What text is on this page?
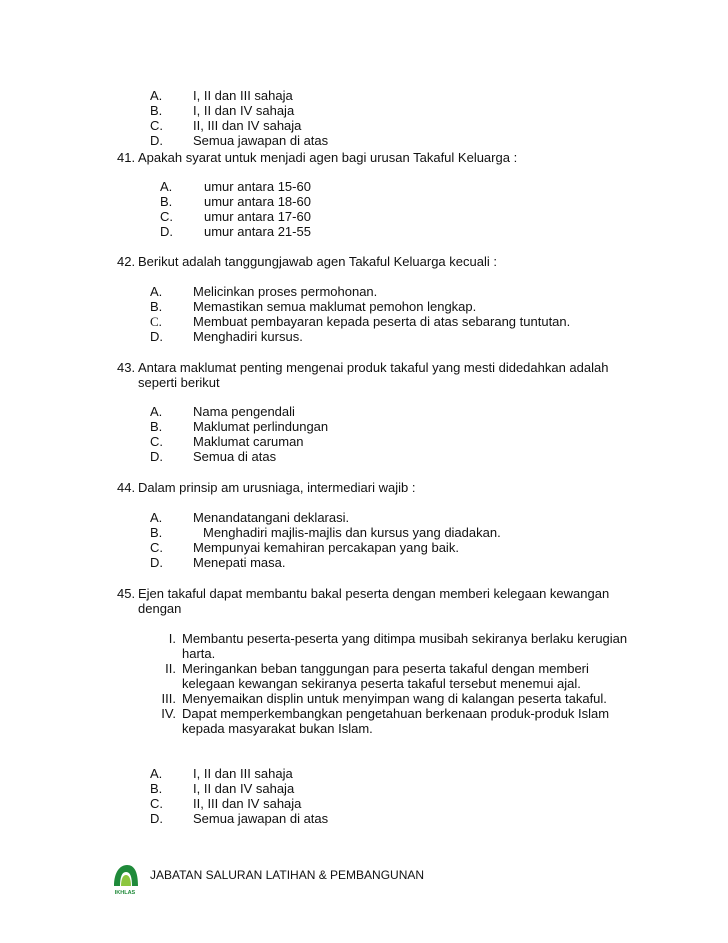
A. I, II dan III sahaja
B. I, II dan IV sahaja
C. II, III dan IV sahaja
D. Semua jawapan di atas
41. Apakah syarat untuk menjadi agen bagi urusan Takaful Keluarga :
A. umur antara 15-60
B. umur antara 18-60
C. umur antara 17-60
D. umur antara 21-55
42. Berikut adalah tanggungjawab agen Takaful Keluarga kecuali :
A. Melicinkan proses permohonan.
B. Memastikan semua maklumat pemohon lengkap.
C. Membuat pembayaran kepada peserta di atas sebarang tuntutan.
D. Menghadiri kursus.
43. Antara maklumat penting mengenai produk takaful yang mesti didedahkan adalah
seperti berikut
A. Nama pengendali
B. Maklumat perlindungan
C. Maklumat caruman
D. Semua di atas
44. Dalam prinsip am urusniaga, intermediari wajib :
A. Menandatangani deklarasi.
B.	Menghadiri majlis-majlis dan kursus yang diadakan.
C. Mempunyai kemahiran percakapan yang baik.
D. Menepati masa.
45. Ejen takaful dapat membantu bakal peserta dengan memberi kelegaan kewangan
dengan
I. Membantu peserta-peserta yang ditimpa musibah sekiranya berlaku kerugian
harta.
II. Meringankan beban tanggungan para peserta takaful dengan memberi
kelegaan kewangan sekiranya peserta takaful tersebut menemui ajal.
III. Menyemaikan displin untuk menyimpan wang di kalangan peserta takaful.
IV. Dapat memperkembangkan pengetahuan berkenaan produk-produk Islam
kepada masyarakat bukan Islam.
A. I, II dan III sahaja
B. I, II dan IV sahaja
C. II, III dan IV sahaja
D. Semua jawapan di atas
IKHLAS
JABATAN SALURAN LATIHAN & PEMBANGUNAN
